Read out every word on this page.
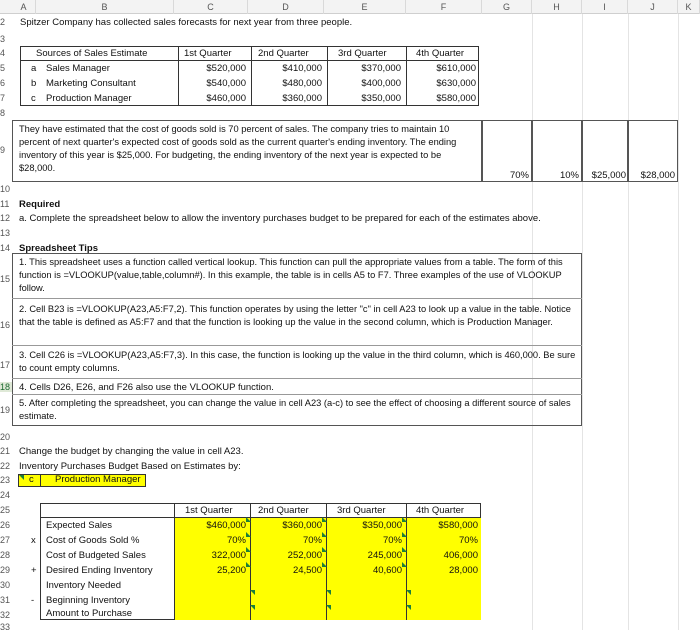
A	B	C	D	E	F	G	H	I	J	K
2
3
4
5
6
7
8
9
10
11
12
13
14
15
16
17
18
19
20
21
22
23
24
25
26
27
28
29
30
31
32
33
Spitzer Company has collected sales forecasts for next year from three people.
Sources of Sales Estimate	1st Quarter	2nd Quarter	3rd Quarter	4th Quarter
a Sales Manager	$520,000	$410,000	$370,000	$610,000
b Marketing Consultant	$540,000	$480,000	$400,000	$630,000
c Production Manager	$460,000	$360,000	$350,000	$580,000
They have estimated that the cost of goods sold is 70 percent of sales. The company tries to maintain 10 percent of next quarter's expected cost of goods sold as the current quarter's ending inventory. The ending inventory of this year is $25,000. For budgeting, the ending inventory of the next year is expected to be $28,000.
70%	10%	$25,000	$28,000
Required
a. Complete the spreadsheet below to allow the inventory purchases budget to be prepared for each of the estimates above.
Spreadsheet Tips
1. This spreadsheet uses a function called vertical lookup. This function can pull the appropriate values from a table. The form of this function is =VLOOKUP(value,table,column#). In this example, the table is in cells A5 to F7. Three examples of the use of VLOOKUP follow.
2. Cell B23 is =VLOOKUP(A23,A5:F7,2). This function operates by using the letter "c" in cell A23 to look up a value in the table. Notice that the table is defined as A5:F7 and that the function is looking up the value in the second column, which is Production Manager.
3. Cell C26 is =VLOOKUP(A23,A5:F7,3). In this case, the function is looking up the value in the third column, which is 460,000. Be sure to count empty columns.
4. Cells D26, E26, and F26 also use the VLOOKUP function.
5. After completing the spreadsheet, you can change the value in cell A23 (a-c) to see the effect of choosing a different source of sales estimate.
Change the budget by changing the value in cell A23.
Inventory Purchases Budget Based on Estimates by:
c Production Manager
1st Quarter	2nd Quarter	3rd Quarter	4th Quarter
Expected Sales	$460,000	$360,000	$350,000	$580,000
x Cost of Goods Sold %	70%	70%	70%	70%
Cost of Budgeted Sales	322,000	252,000	245,000	406,000
+ Desired Ending Inventory	25,200	24,500	40,600	28,000
Inventory Needed
- Beginning Inventory
Amount to Purchase
